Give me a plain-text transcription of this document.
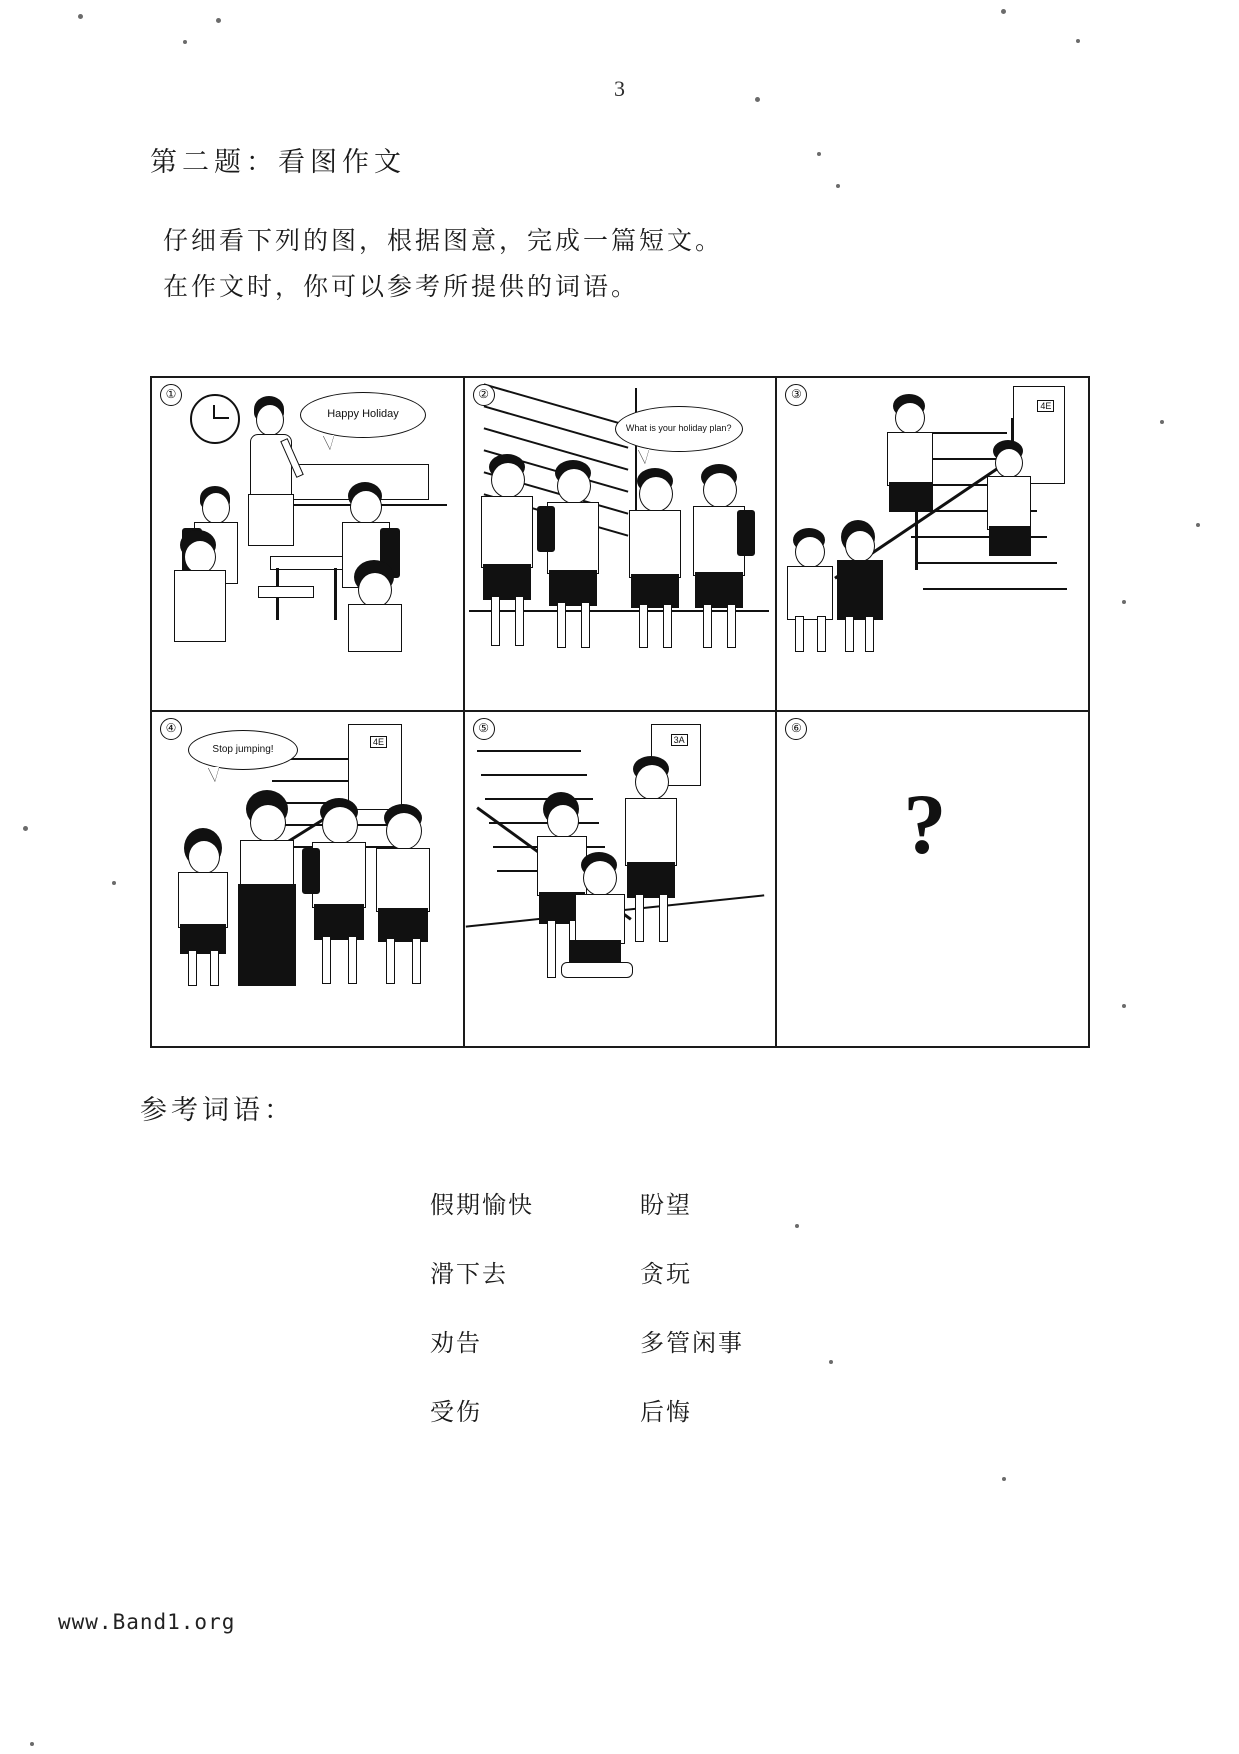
3
第二题：看图作文
仔细看下列的图，根据图意，完成一篇短文。
在作文时，你可以参考所提供的词语。
①
Happy Holiday
②
What is your holiday plan?
③
4E
④
4E
Stop jumping!
⑤
3A
⑥
?
参考词语：
假期愉快	盼望
滑下去	贪玩
劝告	多管闲事
受伤	后悔
www.Band1.org
